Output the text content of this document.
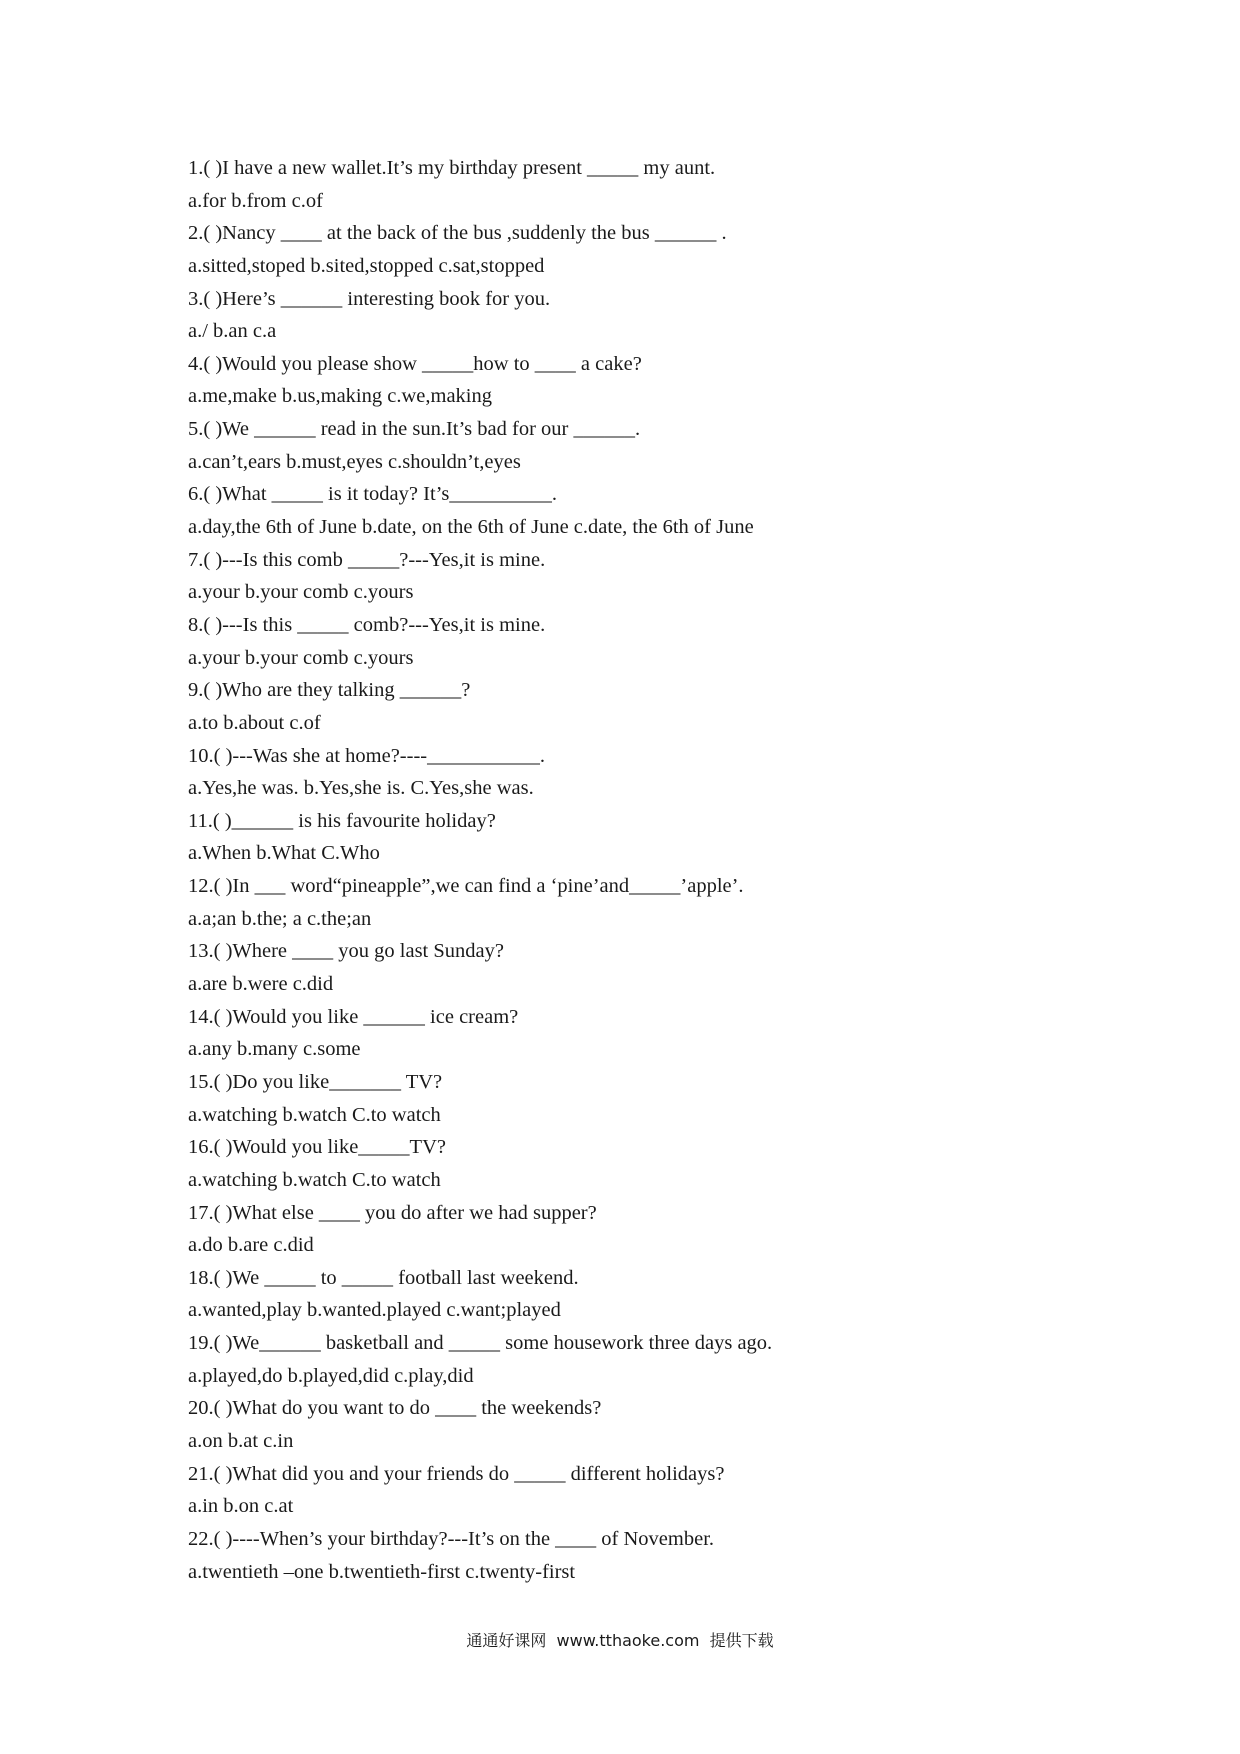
1.( )I have a new wallet.It’s my birthday present _____ my aunt.
a.for b.from c.of
2.( )Nancy ____ at the back of the bus ,suddenly the bus ______ .
a.sitted,stoped b.sited,stopped c.sat,stopped
3.( )Here’s ______ interesting book for you.
a./ b.an c.a
4.( )Would you please show _____how to ____ a cake?
a.me,make b.us,making c.we,making
5.( )We ______ read in the sun.It’s bad for our ______.
a.can’t,ears b.must,eyes c.shouldn’t,eyes
6.( )What _____ is it today? It’s__________.
a.day,the 6th of June b.date, on the 6th of June c.date, the 6th of June
7.( )---Is this comb _____?---Yes,it is mine.
a.your b.your comb c.yours
8.( )---Is this _____ comb?---Yes,it is mine.
a.your b.your comb c.yours
9.( )Who are they talking ______?
a.to b.about c.of
10.( )---Was she at home?----___________.
a.Yes,he was. b.Yes,she is. C.Yes,she was.
11.( )______ is his favourite holiday?
a.When b.What C.Who
12.( )In ___ word“pineapple”,we can find a ‘pine’and_____’apple’.
a.a;an b.the; a c.the;an
13.( )Where ____ you go last Sunday?
a.are b.were c.did
14.( )Would you like ______ ice cream?
a.any b.many c.some
15.( )Do you like_______ TV?
a.watching b.watch C.to watch
16.( )Would you like_____TV?
a.watching b.watch C.to watch
17.( )What else ____ you do after we had supper?
a.do b.are c.did
18.( )We _____ to _____ football last weekend.
a.wanted,play b.wanted.played c.want;played
19.( )We______ basketball and _____ some housework three days ago.
a.played,do b.played,did c.play,did
20.( )What do you want to do ____ the weekends?
a.on b.at c.in
21.( )What did you and your friends do _____ different holidays?
a.in b.on c.at
22.( )----When’s your birthday?---It’s on the ____ of November.
a.twentieth –one b.twentieth-first c.twenty-first
通通好课网  www.tthaoke.com  提供下载
